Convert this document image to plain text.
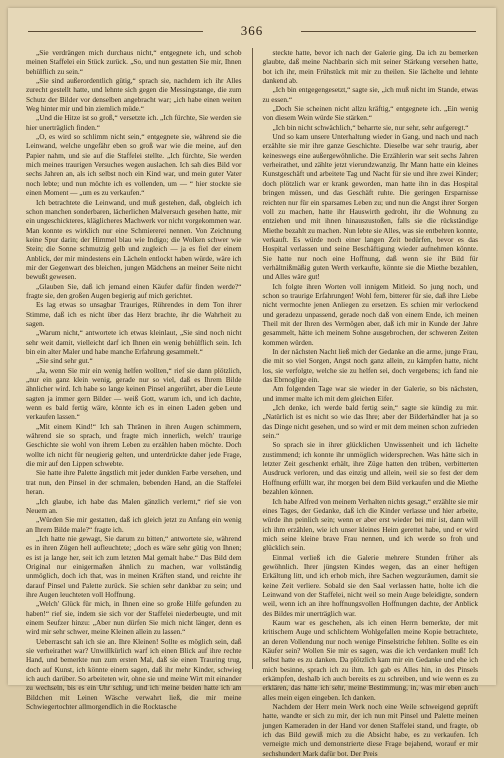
366

„Sie verdrängen mich durchaus nicht,“ entgegnete ich, und schob meinen Staffelei ein Stück zurück. „So, und nun gestatten Sie mir, Ihnen behülflich zu sein.“

„Sie sind außerordentlich gütig,“ sprach sie, nachdem ich ihr Alles zurecht gestellt hatte, und lehnte sich gegen die Messingstange, die zum Schutz der Bilder vor denselben angebracht war; „ich habe einen weiten Weg hinter mir und bin ziemlich müde.“

„Und die Hitze ist so groß,“ versetzte ich. „Ich fürchte, Sie werden sie hier unerträglich finden.“

„O, es wird so schlimm nicht sein,“ entgegnete sie, während sie die Leinwand, welche ungefähr eben so groß war wie die meine, auf den Papier nahm, und sie auf die Staffelei stellte. „Ich fürchte, Sie werden mich meines traurigen Versuches wegen auslachen. Ich sah dies Bild vor sechs Jahren an, als ich selbst noch ein Kind war, und mein guter Vater noch lebte; und nun möchte ich es vollenden, um — “ hier stockte sie einen Moment — „um es zu verkaufen.“

Ich betrachtete die Leinwand, und muß gestehen, daß, obgleich ich schon manchen sonderbaren, lächerlichen Malversuch gesehen hatte, mir ein ungeschickteres, kläglicheres Machwerk vor nicht vorgekommen war. Man konnte es wirklich nur eine Schmiererei nennen. Von Zeichnung keine Spur darin; der Himmel blau wie Indigo; die Wolken schwer wie Stein; die Sonne schmutzig gelb und zugleich — ja es fiel der einem Anblick, der mir mindestens ein Lächeln entlockt haben würde, wäre ich mir der Gegenwart des bleichen, jungen Mädchens an meiner Seite nicht bewußt gewesen.

„Glauben Sie, daß ich jemand einen Käufer dafür finden werde?“ fragte sie, den großen Augen begierig auf mich gerichtet.

Es lag etwas so unsagbar Trauriges, Rührendes in dem Ton ihrer Stimme, daß ich es nicht über das Herz brachte, ihr die Wahrheit zu sagen.

„Warum nicht,“ antwortete ich etwas kleinlaut, „Sie sind noch nicht sehr weit damit, vielleicht darf ich Ihnen ein wenig behülflich sein. Ich bin ein alter Maler und habe manche Erfahrung gesammelt.“

„Sie sind sehr gut.“

„Ja, wenn Sie mir ein wenig helfen wollten,“ rief sie dann plötzlich, „nur ein ganz klein wenig, gerade nur so viel, daß es Ihrem Bilde ähnlicher wird. Ich habe so lange keinen Pinsel angerührt, aber die Leute sagten ja immer gern Bilder — weiß Gott, warum ich, und ich dachte, wenn es bald fertig wäre, könnte ich es in einen Laden geben und verkaufen lassen.“

„Mit einem Kind!“ Ich sah Thränen in ihren Augen schimmern, während sie so sprach, und fragte mich innerlich, welch' traurige Geschichte sie wohl von ihrem Leben zu erzählen haben möchte. Doch wollte ich nicht für neugierig gelten, und unterdrückte daher jede Frage, die mir auf den Lippen schwebte.

Sie hatte ihre Palette ängstlich mit jeder dunklen Farbe versehen, und trat nun, den Pinsel in der schmalen, bebenden Hand, an die Staffelei heran.

„Ich glaube, ich habe das Malen gänzlich verlernt,“ rief sie von Neuem an.

„Würden Sie mir gestatten, daß ich gleich jetzt zu Anfang ein wenig an Ihrem Bilde male?“ fragte ich.

„Ich hatte nie gewagt, Sie darum zu bitten,“ antwortete sie, während es in ihren Zügen hell aufleuchtete; „doch es wäre sehr gütig von Ihnen; es ist ja lange her, seit ich zum letzten Mal gemalt habe.“ Das Bild dem Original nur einigermaßen ähnlich zu machen, war vollständig unmöglich, doch ich that, was in meinen Kräften stand, und reichte ihr darauf Pinsel und Palette zurück. Sie schien sehr dankbar zu sein; und ihre Augen leuchteten voll Hoffnung.

„Welch' Glück für mich, in Ihnen eine so große Hilfe gefunden zu haben!“ rief sie, indem sie sich vor der Staffelei niederbeugte, und mit einem Seufzer hinzu: „Aber nun dürfen Sie mich nicht länger, denn es wird mir sehr schwer, meine Kleinen allein zu lassen.“

Ueberrascht sah ich sie an. Ihre Kleinen! Sollte es möglich sein, daß sie verheirathet war? Unwillkürlich warf ich einen Blick auf ihre rechte Hand, und bemerkte nun zum ersten Mal, daß sie einen Trauring trug, doch auf Kunst, ich könnte einem sagen, daß ihr mehr Kinder, schwieg ich auch darüber. So arbeiteten wir, ohne sie und meine Wirt mit einander zu wechseln, bis es ein Uhr schlug, und ich meine beiden hatte ich am Bildchen mit Leinen Wäsche verwahrt ließ, die mir meine Schwiegertochter allmorgendlich in die Rocktasche

steckte hatte, bevor ich nach der Galerie ging. Da ich zu bemerken glaubte, daß meine Nachbarin sich mit seiner Stärkung versehen hatte, bot ich ihr, mein Frühstück mit mir zu theilen. Sie lächelte und lehnte dankend ab.

„Ich bin entgegengesetzt,“ sagte sie, „ich muß nicht im Stande, etwas zu essen.“

„Doch Sie scheinen nicht allzu kräftig,“ entgegnete ich. „Ein wenig von diesem Wein würde Sie stärken.“

„Ich bin nicht schwächlich,“ beharrte sie, nur sehr, sehr aufgeregt.“

Und so kam unsere Unterhaltung wieder in Gang, und nach und nach erzählte sie mir ihre ganze Geschichte. Dieselbe war sehr traurig, aber keineswegs eine außergewöhnliche. Die Erzählerin war seit sechs Jahren verheirathet, und zählte jetzt vierundzwanzig. Ihr Mann hatte ein kleines Kunstgeschäft und arbeitete Tag und Nacht für sie und ihre zwei Kinder; doch plötzlich war er krank geworden, man hatte ihn in das Hospital bringen müssen, und das Geschäft ruhte. Die geringen Ersparnisse reichten nur für ein sparsames Leben zu; und nun die Angst ihrer Sorgen voll zu machen, hatte ihr Hauswirth gedroht, ihr die Wohnung zu entziehen und mit ihnen hinauszustoßen, falls sie die rückständige Miethe bezahlt zu machen. Nun lebte sie Alles, was sie entbehren konnte, verkauft. Es würde noch einer langen Zeit bedürfen, bevor es das Hospital verlassen und seine Beschäftigung wieder aufnehmen könnte. Sie hatte nur noch eine Hoffnung, daß wenn sie ihr Bild für verhältnißmäßig guten Werth verkaufte, könnte sie die Miethe bezahlen, und Alles wäre gut!

Ich folgte ihren Worten voll innigem Mitleid. So jung noch, und schon so traurige Erfahrungen! Wohl fern, bitterer für sie, daß ihre Liebe nicht vermochte jenen Anliegen zu ersetzen. Es schien mir verlockend und geradezu unpassend, gerade noch daß von einem Ende, ich meinen Theil mit der Ihren des Vermögen aber, daß ich mir in Kunde der Jahre gesammelt, hätte ich meinem Sohne ausgebrochen, der schweren Zeiten kommen würden.

In der nächsten Nacht ließ mich der Gedanke an die arme, junge Frau, die mit so viel Sorgen, Angst noch ganz allein, zu kämpfen hatte, nicht los, sie verfolgte, welche sie zu helfen sei, doch vergebens; ich fand nie das Ebrnoglige ein.

Am folgenden Tage war sie wieder in der Galerie, so bis nächsten, und immer malte ich mit dem gleichen Eifer.

„Ich denke, ich werde bald fertig sein,“ sagte sie kündig zu mir. „Natürlich ist es nicht so wie das Ihre; aber der Bilderhändler hat ja so das Dinge nicht gesehen, und so wird er mit dem meinen schon zufrieden sein.“

So sprach sie in ihrer glücklichen Unwissenheit und ich lächelte zustimmend; ich konnte ihr unmöglich widersprechen. Was hätte sich in letzter Zeit geschenkt erhält, ihre Züge hatten den trüben, verbitterten Ausdruck verloren, und das einzig und allein, weil sie so fest der dem Hoffnung erfüllt war, ihr morgen bei dem Bild verkaufen und die Miethe bezahlen können.

Ich habe Alfred von meinem Verhalten nichts gesagt,“ erzählte sie mir eines Tages, der Gedanke, daß ich die Kinder verlasse und hier arbeite, würde ihn peinlich sein; wenn er aber erst wieder bei mir ist, dann will ich ihm erzählen, wie ich unser kleines Heim gerettet habe, und er wird mich seine kleine brave Frau nennen, und ich werde so froh und glücklich sein.

Einmal verließ ich die Galerie mehrere Stunden früher als gewöhnlich. Ihrer jüngsten Kindes wegen, das an einer heftigen Erkältung litt, und ich erhob mich, ihre Sachen wegzuräumen, damit sie keine Zeit verliere. Sobald sie den Saal verlassen hatte, holte ich die Leinwand von der Staffelei, nicht weil so mein Auge beleidigte, sondern weil, wenn ich an ihre hoffnungsvollen Hoffnungen dachte, der Anblick des Bildes mir unerträglich war.

Kaum war es geschehen, als ich einen Herrn bemerkte, der mit kritischem Auge und schlichtem Wohlgefallen meine Kopie betrachtete, an deren Vollendung nur noch wenige Pinselstriche fehlten. Sollte es ein Käufer sein? Wollen Sie mir es sagen, was die ich verdanken muß! Ich selbst hatte es zu danken. Da plötzlich kam mir ein Gedanke und ehe ich mich besinne, sprach ich zu ihm. Ich gab es Alles hin, in des Pinsels erkämpfen, deshalb ich auch bereits es zu schreiben, und wie wenn es zu erklären, das hätte ich sehr, meine Bestimmung, in, was mir eben auch alles mein eigen eingeben. Ich danken.

Nachdem der Herr mein Werk noch eine Weile schweigend geprüft hatte, wandte er sich zu mir, der ich nun mit Pinsel und Palette meinen jungen Kameraden in der Hand vor denen Staffelei stand, und fragte, ob ich das Bild gewiß mich zu die Absicht habe, es zu verkaufen. Ich verneigte mich und demonstrierte diese Frage bejahend, worauf er mir sechshundert Mark dafür bot. Der Preis
